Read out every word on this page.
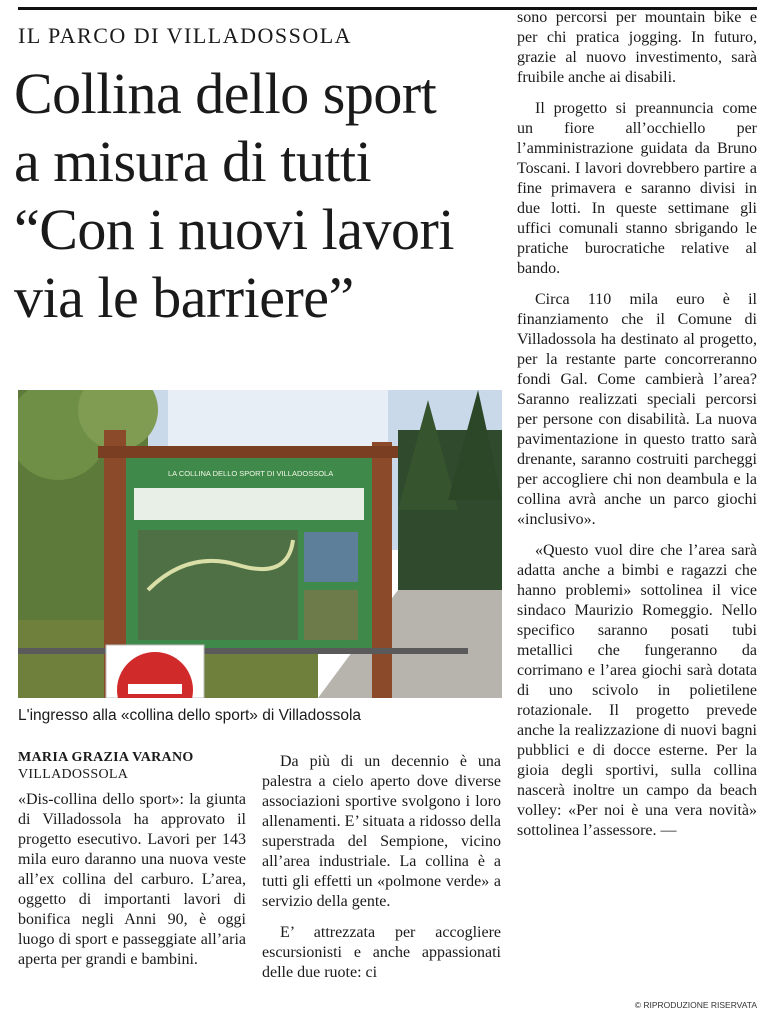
IL PARCO DI VILLADOSSOLA
Collina dello sport
a misura di tutti
“Con i nuovi lavori
via le barriere”
LA COLLINA DELLO SPORT DI VILLADOSSOLA
L'ingresso alla «collina dello sport» di Villadossola
MARIA GRAZIA VARANO
VILLADOSSOLA

«Dis-collina dello sport»: la giunta di Villadossola ha approvato il progetto esecutivo. Lavori per 143 mila euro daranno una nuova veste all’ex collina del carburo. L’area, oggetto di importanti lavori di bonifica negli Anni 90, è oggi luogo di sport e passeggiate all’aria aperta per grandi e bambini.

Da più di un decennio è una palestra a cielo aperto dove diverse associazioni sportive svolgono i loro allenamenti. E’ situata a ridosso della superstrada del Sempione, vicino all’area industriale. La collina è a tutti gli effetti un «polmone verde» a servizio della gente.

E’ attrezzata per accogliere escursionisti e anche appassionati delle due ruote: ci

sono percorsi per mountain bike e per chi pratica jogging. In futuro, grazie al nuovo investimento, sarà fruibile anche ai disabili.

Il progetto si preannuncia come un fiore all’occhiello per l’amministrazione guidata da Bruno Toscani. I lavori dovrebbero partire a fine primavera e saranno divisi in due lotti. In queste settimane gli uffici comunali stanno sbrigando le pratiche burocratiche relative al bando.

Circa 110 mila euro è il finanziamento che il Comune di Villadossola ha destinato al progetto, per la restante parte concorreranno fondi Gal. Come cambierà l’area? Saranno realizzati speciali percorsi per persone con disabilità. La nuova pavimentazione in questo tratto sarà drenante, saranno costruiti parcheggi per accogliere chi non deambula e la collina avrà anche un parco giochi «inclusivo».

«Questo vuol dire che l’area sarà adatta anche a bimbi e ragazzi che hanno problemi» sottolinea il vice sindaco Maurizio Romeggio. Nello specifico saranno posati tubi metallici che fungeranno da corrimano e l’area giochi sarà dotata di uno scivolo in polietilene rotazionale. Il progetto prevede anche la realizzazione di nuovi bagni pubblici e di docce esterne. Per la gioia degli sportivi, sulla collina nascerà inoltre un campo da beach volley: «Per noi è una vera novità» sottolinea l’assessore. —

© RIPRODUZIONE RISERVATA
